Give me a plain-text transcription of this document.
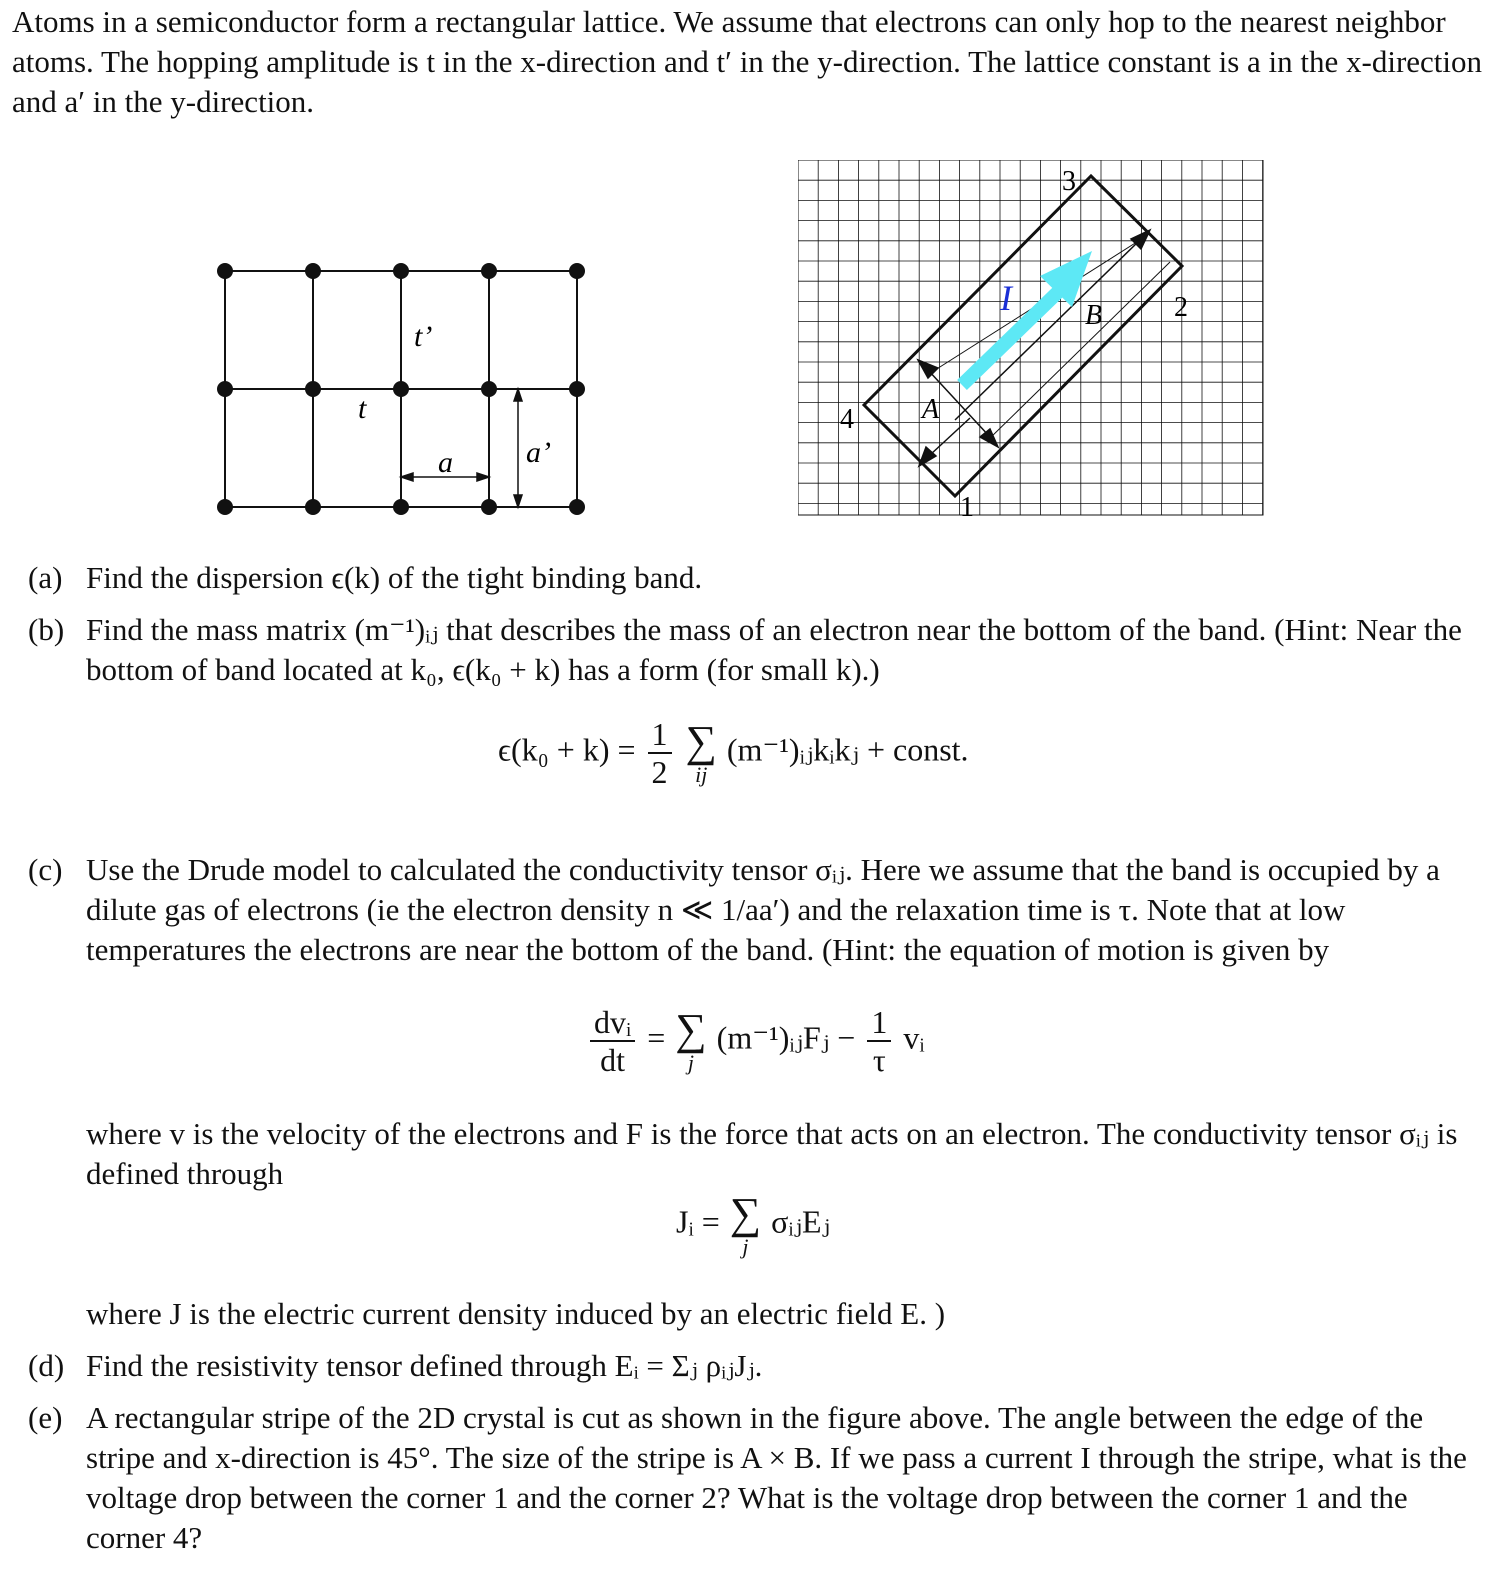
Atoms in a semiconductor form a rectangular lattice. We assume that electrons can only hop to the nearest neighbor atoms. The hopping amplitude is t in the x-direction and t′ in the y-direction. The lattice constant is a in the x-direction and a′ in the y-direction.
t
t’
a a’
I	B
A
1
2
3
4
(a) Find the dispersion ϵ(k) of the tight binding band.
(b) Find the mass matrix (m⁻¹)ᵢⱼ that describes the mass of an electron near the bottom of the band. (Hint: Near the bottom of band located at k₀, ϵ(k₀ + k) has a form (for small k).)
$\epsilon(k_0 + k) = \frac{1}{2}$
∑
ij
(m⁻¹)ᵢⱼkᵢkⱼ + const.
(c) Use the Drude model to calculated the conductivity tensor σᵢⱼ. Here we assume that the band is occupied by a dilute gas of electrons (ie the electron density n ≪ 1/aa′) and the relaxation time is τ. Note that at low temperatures the electrons are near the bottom of the band. (Hint: the equation of motion is given by
$\frac{\text{dvᵢ}}{dt}$ = ∑
j
(m⁻¹)ᵢⱼFⱼ − $\frac{1}{\tau}$ vᵢ
where v is the velocity of the electrons and F is the force that acts on an electron. The conductivity tensor σᵢⱼ is defined through
Jᵢ = ∑
j
σᵢⱼEⱼ
where J is the electric current density induced by an electric field E. )
(d) Find the resistivity tensor defined through Eᵢ = Σⱼ ρᵢⱼJⱼ.
(e) A rectangular stripe of the 2D crystal is cut as shown in the figure above. The angle between the edge of the stripe and x-direction is 45°. The size of the stripe is A × B. If we pass a current I through the stripe, what is the voltage drop between the corner 1 and the corner 2? What is the voltage drop between the corner 1 and the corner 4?
